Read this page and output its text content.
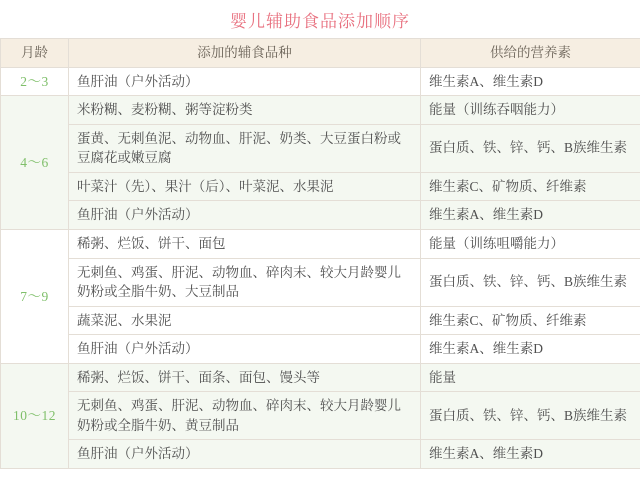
婴儿辅助食品添加顺序
月龄	添加的辅食品种	供给的营养素
2～3	鱼肝油（户外活动）	维生素A、维生素D
4～6	米粉糊、麦粉糊、粥等淀粉类	能量（训练吞咽能力）
	蛋黄、无刺鱼泥、动物血、肝泥、奶类、大豆蛋白粉或豆腐花或嫩豆腐	蛋白质、铁、锌、钙、B族维生素
	叶菜汁（先）、果汁（后）、叶菜泥、水果泥	维生素C、矿物质、纤维素
	鱼肝油（户外活动）	维生素A、维生素D
7～9	稀粥、烂饭、饼干、面包	能量（训练咀嚼能力）
	无刺鱼、鸡蛋、肝泥、动物血、碎肉末、较大月龄婴儿奶粉或全脂牛奶、大豆制品	蛋白质、铁、锌、钙、B族维生素
	蔬菜泥、水果泥	维生素C、矿物质、纤维素
	鱼肝油（户外活动）	维生素A、维生素D
10～12	稀粥、烂饭、饼干、面条、面包、馒头等	能量
	无刺鱼、鸡蛋、肝泥、动物血、碎肉末、较大月龄婴儿奶粉或全脂牛奶、黄豆制品	蛋白质、铁、锌、钙、B族维生素
	鱼肝油（户外活动）	维生素A、维生素D
